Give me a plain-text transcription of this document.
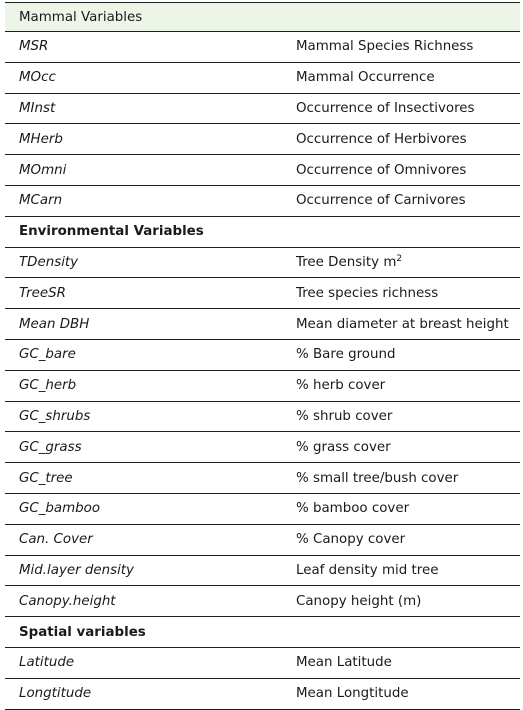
Mammal Variables
MSR	Mammal Species Richness
MOcc	Mammal Occurrence
MInst	Occurrence of Insectivores
MHerb	Occurrence of Herbivores
MOmni	Occurrence of Omnivores
MCarn	Occurrence of Carnivores
Environmental Variables
TDensity	Tree Density $m^2$
TreeSR	Tree species richness
Mean DBH	Mean diameter at breast height
GC_bare	% Bare ground
GC_herb	% herb cover
GC_shrubs	% shrub cover
GC_grass	% grass cover
GC_tree	% small tree/bush cover
GC_bamboo	% bamboo cover
Can. Cover	% Canopy cover
Mid.layer density	Leaf density mid tree
Canopy.height	Canopy height (m)
Spatial variables
Latitude	Mean Latitude
Longtitude	Mean Longtitude
